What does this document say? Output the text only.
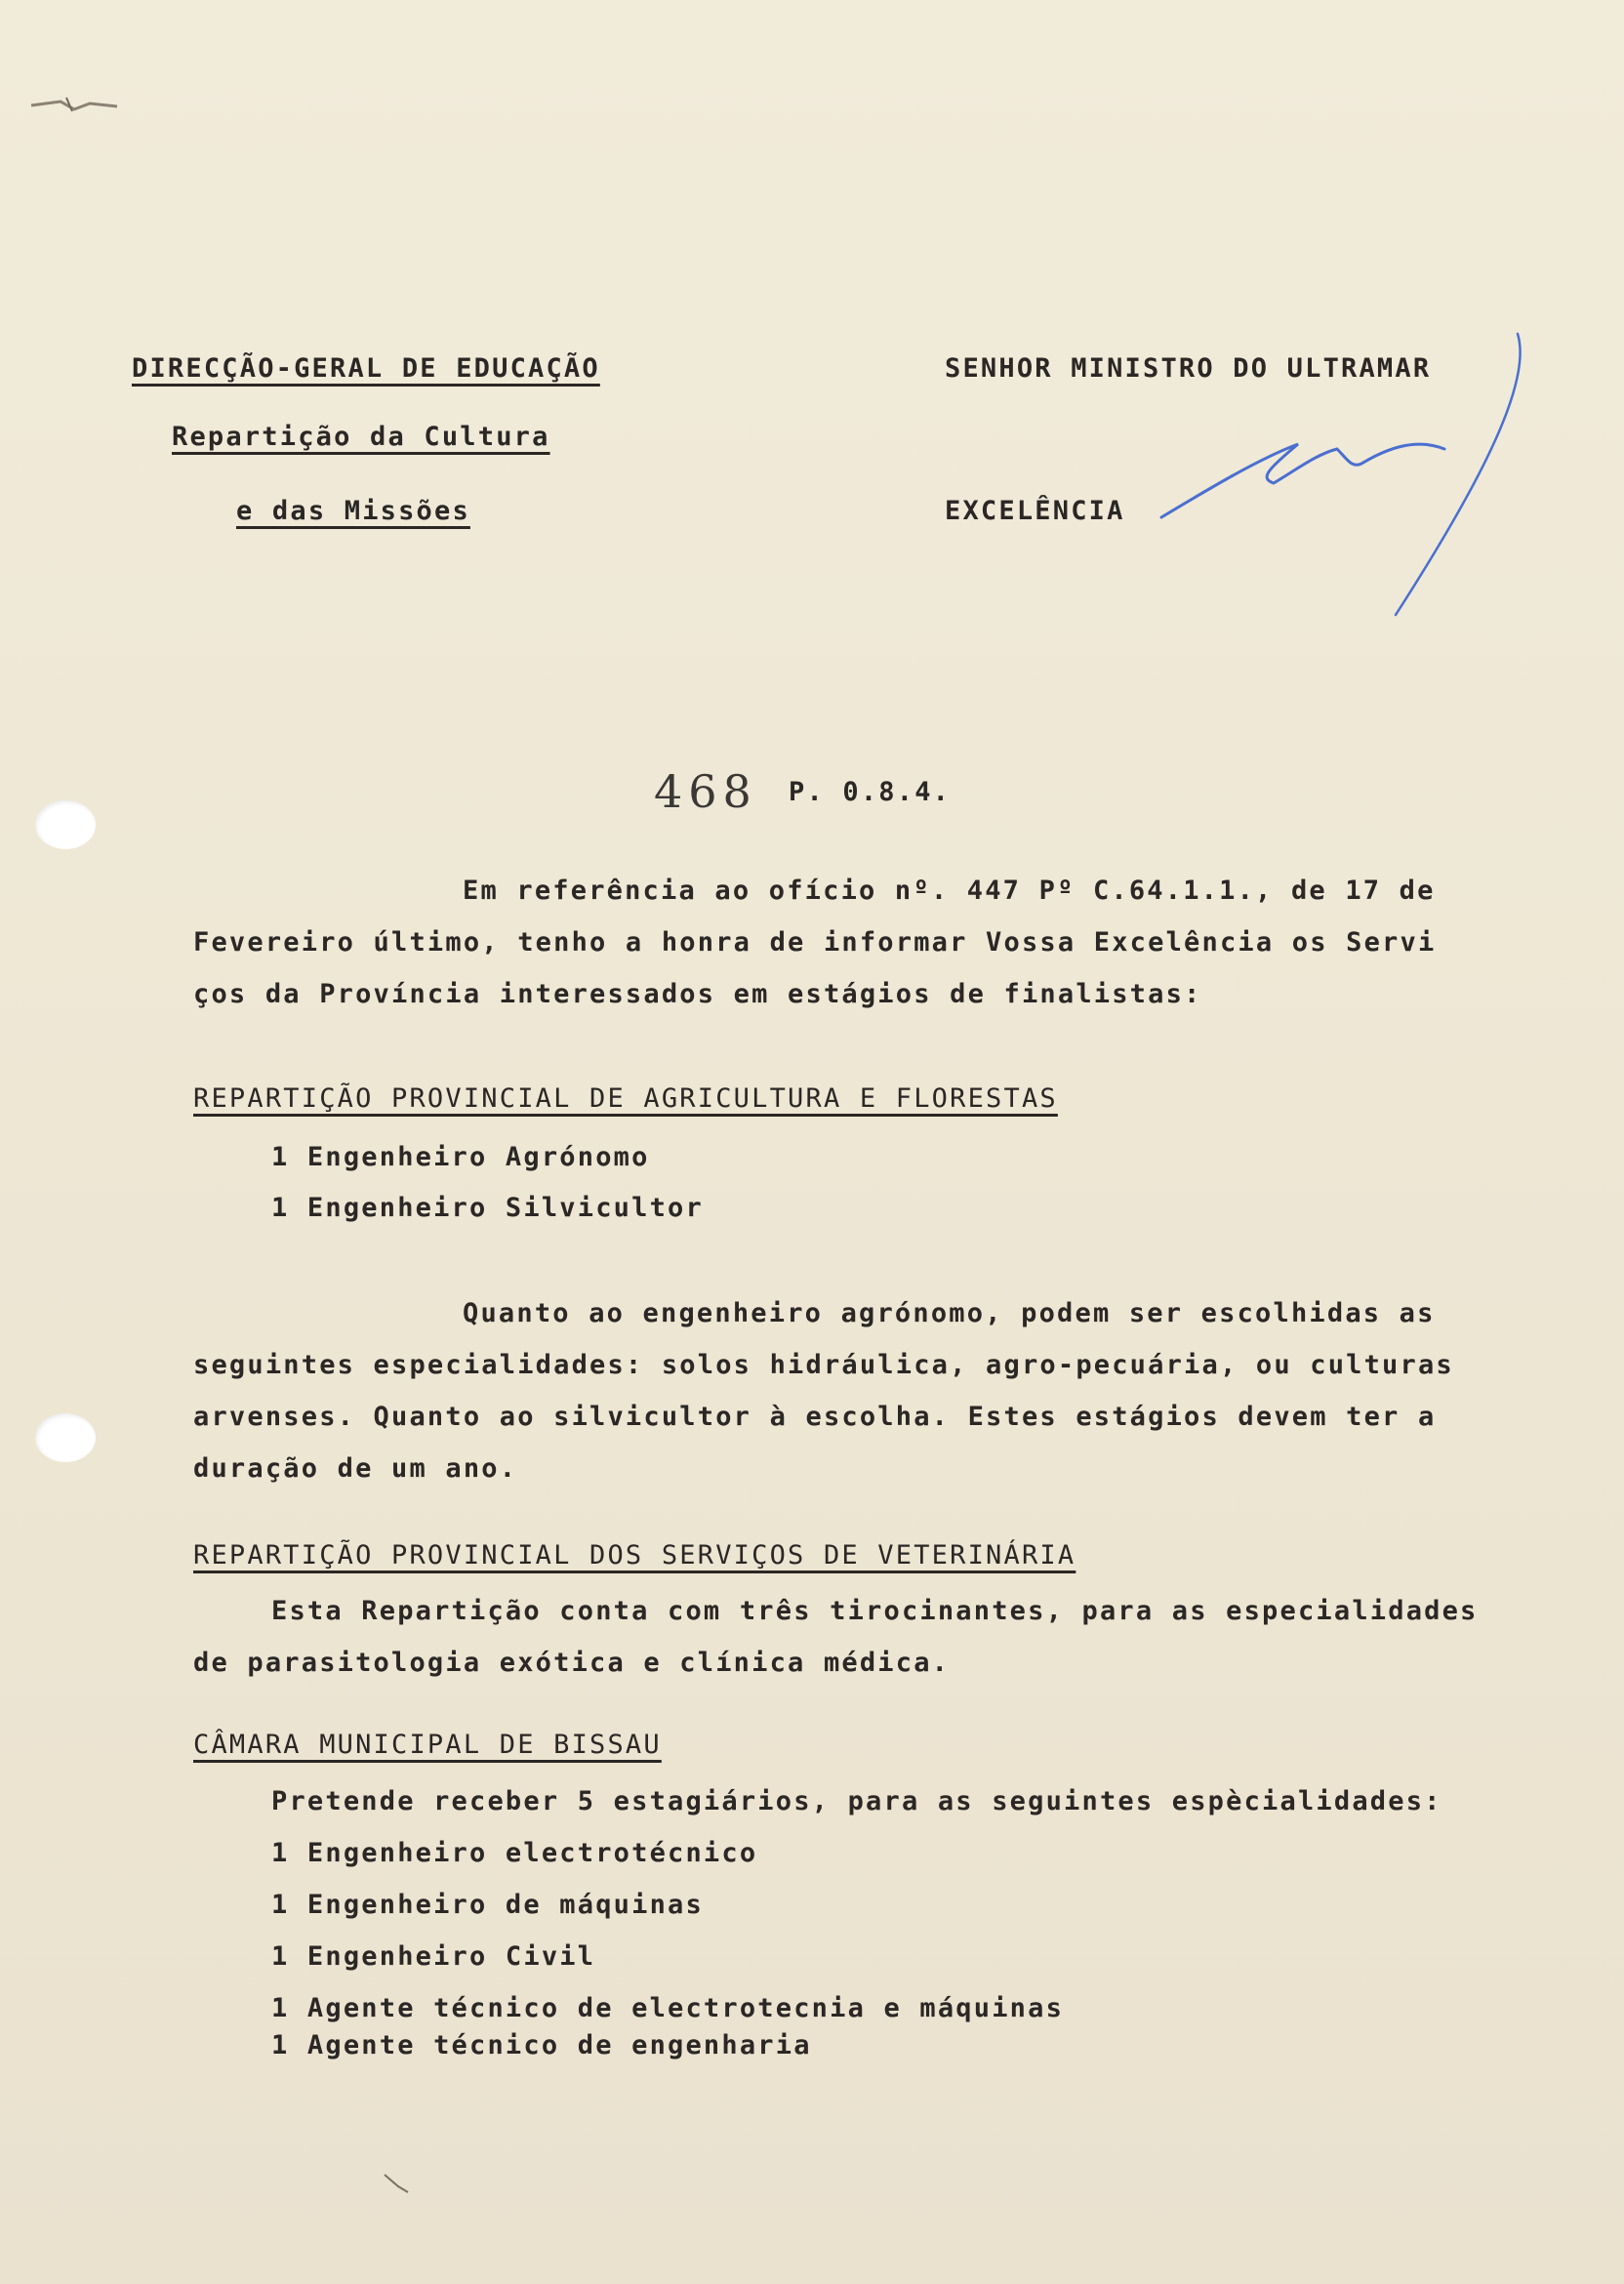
DIRECÇÃO-GERAL DE EDUCAÇÃO
Repartição da Cultura
e das Missões
SENHOR MINISTRO DO ULTRAMAR
EXCELÊNCIA
468 P. 0.8.4.
Em referência ao ofício nº. 447 Pº C.64.1.1., de 17 de
Fevereiro último, tenho a honra de informar Vossa Excelência os Servi
ços da Província interessados em estágios de finalistas:
REPARTIÇÃO PROVINCIAL DE AGRICULTURA E FLORESTAS
1 Engenheiro Agrónomo
1 Engenheiro Silvicultor
Quanto ao engenheiro agrónomo, podem ser escolhidas as
seguintes especialidades: solos hidráulica, agro-pecuária, ou culturas
arvenses. Quanto ao silvicultor à escolha. Estes estágios devem ter a
duração de um ano.
REPARTIÇÃO PROVINCIAL DOS SERVIÇOS DE VETERINÁRIA
Esta Repartição conta com três tirocinantes, para as especialidades
de parasitologia exótica e clínica médica.
CÂMARA MUNICIPAL DE BISSAU
Pretende receber 5 estagiários, para as seguintes espècialidades:
1 Engenheiro electrotécnico
1 Engenheiro de máquinas
1 Engenheiro Civil
1 Agente técnico de electrotecnia e máquinas
1 Agente técnico de engenharia
